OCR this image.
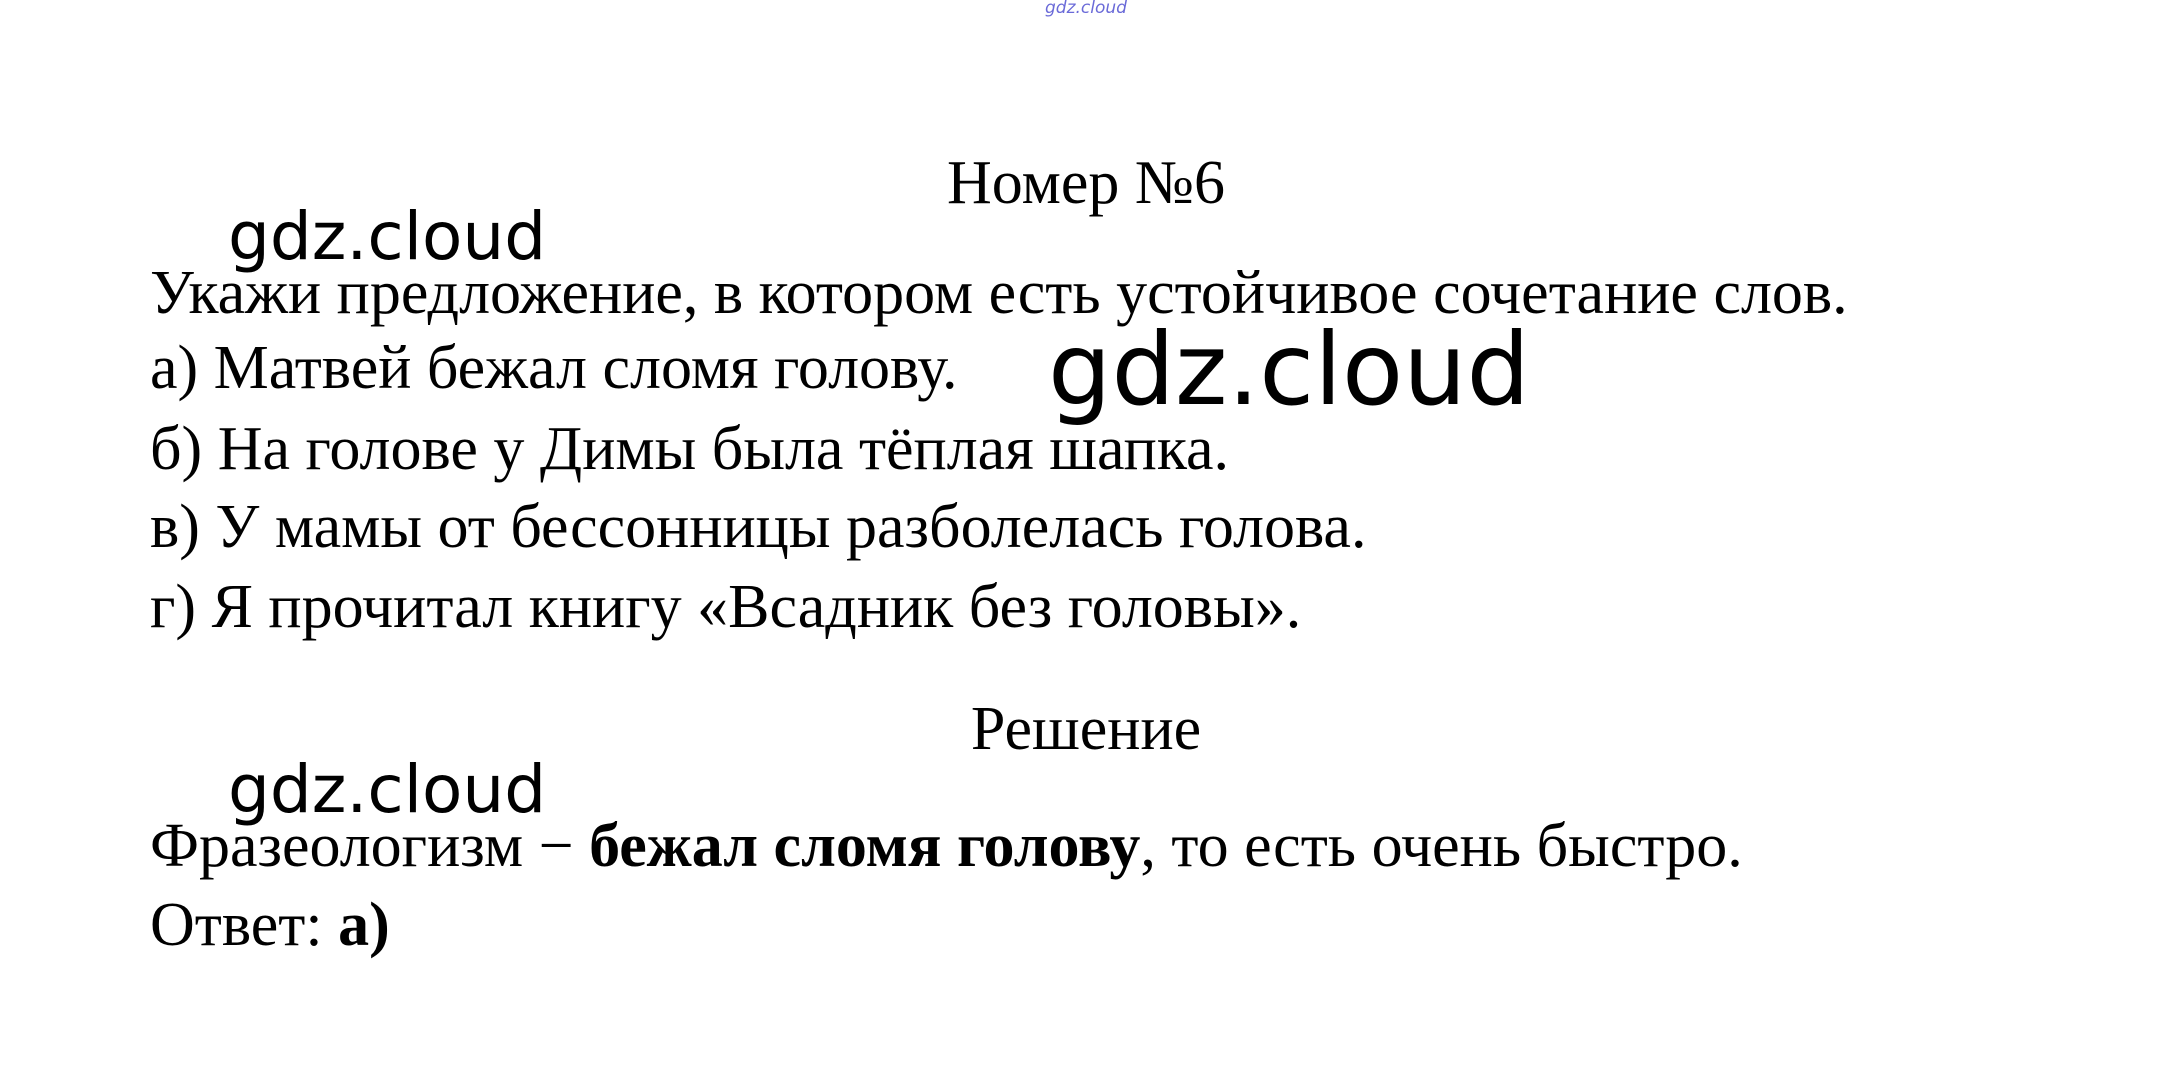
gdz.cloud
Номер №6
gdz.cloud
Укажи предложение, в котором есть устойчивое сочетание слов.
а) Матвей бежал сломя голову. gdz.cloud
б) На голове у Димы была тёплая шапка.
в) У мамы от бессонницы разболелась голова.
г) Я прочитал книгу «Всадник без головы».
Решение
gdz.cloud
Фразеологизм − бежал сломя голову, то есть очень быстро.
Ответ: а)
